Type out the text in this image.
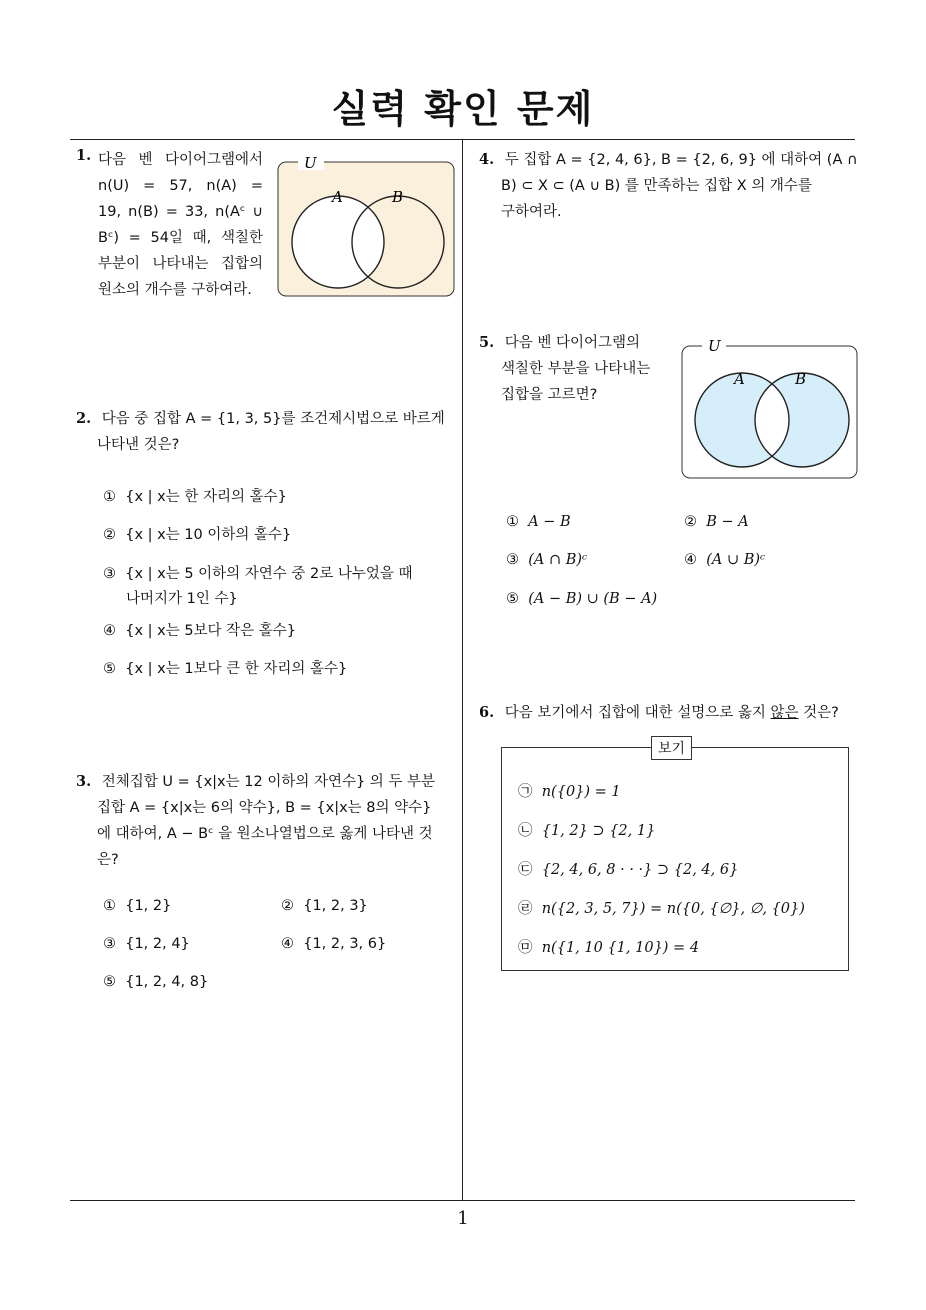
실력 확인 문제
1. 다음 벤 다이어그램에서
n(U) = 57, n(A) =
19, n(B) = 33, n(Aᶜ ∪
Bᶜ) = 54일 때, 색칠한
부분이 나타내는 집합의
원소의 개수를 구하여라.
U
A	B
2. 다음 중 집합 A = {1, 3, 5}를 조건제시법으로 바르게
나타낸 것은?
① {x | x는 한 자리의 홀수}
② {x | x는 10 이하의 홀수}
③ {x | x는 5 이하의 자연수 중 2로 나누었을 때
나머지가 1인 수}
④ {x | x는 5보다 작은 홀수}
⑤ {x | x는 1보다 큰 한 자리의 홀수}
3. 전체집합 U = {x|x는 12 이하의 자연수} 의 두 부분
집합 A = {x|x는 6의 약수}, B = {x|x는 8의 약수}
에 대하여, A − Bᶜ 을 원소나열법으로 옳게 나타낸 것
은?
① {1, 2}	② {1, 2, 3}
③ {1, 2, 4}	④ {1, 2, 3, 6}
⑤ {1, 2, 4, 8}
4. 두 집합 A = {2, 4, 6}, B = {2, 6, 9} 에 대하여 (A ∩
B) ⊂ X ⊂ (A ∪ B) 를 만족하는 집합 X 의 개수를
구하여라.
5. 다음 벤 다이어그램의
색칠한 부분을 나타내는
집합을 고르면?
U
A	B
① A − B	② B − A
③ (A ∩ B)ᶜ	④ (A ∪ B)ᶜ
⑤ (A − B) ∪ (B − A)
6. 다음 보기에서 집합에 대한 설명으로 옳지 않은 것은?
보기
㉠ n({0}) = 1
㉡ {1, 2} ⊃ {2, 1}
㉢ {2, 4, 6, 8 · · ·} ⊃ {2, 4, 6}
㉣ n({2, 3, 5, 7}) = n({0, {∅}, ∅, {0})
㉤ n({1, 10 {1, 10}) = 4
1
